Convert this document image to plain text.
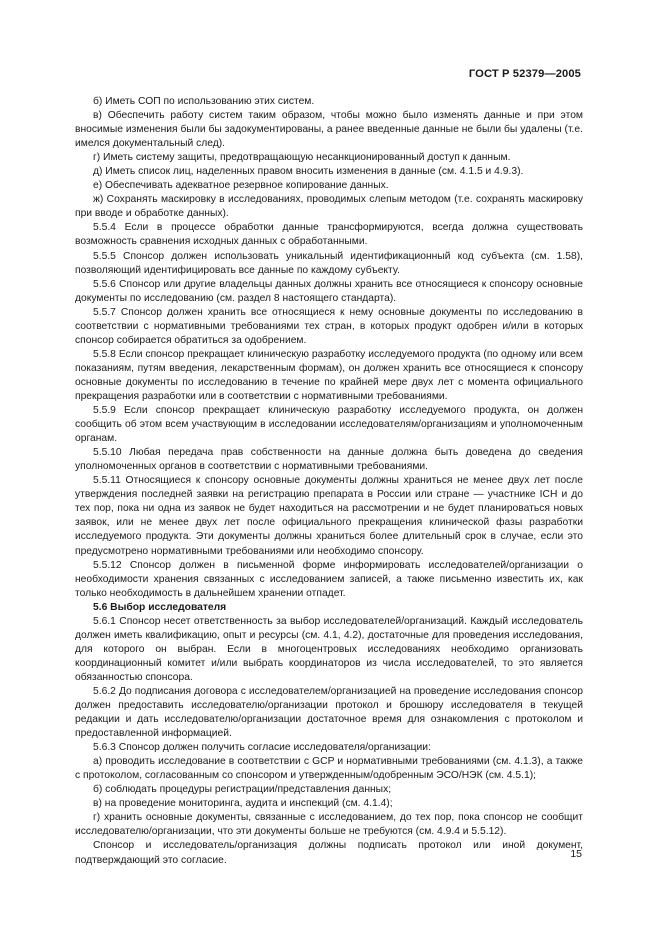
ГОСТ Р 52379—2005

б) Иметь СОП по использованию этих систем.

в) Обеспечить работу систем таким образом, чтобы можно было изменять данные и при этом вносимые изменения были бы задокументированы, а ранее введенные данные не были бы удалены (т.е. имелся документальный след).

г) Иметь систему защиты, предотвращающую несанкционированный доступ к данным.

д) Иметь список лиц, наделенных правом вносить изменения в данные (см. 4.1.5 и 4.9.3).

е) Обеспечивать адекватное резервное копирование данных.

ж) Сохранять маскировку в исследованиях, проводимых слепым методом (т.е. сохранять маскировку при вводе и обработке данных).

5.5.4 Если в процессе обработки данные трансформируются, всегда должна существовать возможность сравнения исходных данных с обработанными.

5.5.5 Спонсор должен использовать уникальный идентификационный код субъекта (см. 1.58), позволяющий идентифицировать все данные по каждому субъекту.

5.5.6 Спонсор или другие владельцы данных должны хранить все относящиеся к спонсору основные документы по исследованию (см. раздел 8 настоящего стандарта).

5.5.7 Спонсор должен хранить все относящиеся к нему основные документы по исследованию в соответствии с нормативными требованиями тех стран, в которых продукт одобрен и/или в которых спонсор собирается обратиться за одобрением.

5.5.8 Если спонсор прекращает клиническую разработку исследуемого продукта (по одному или всем показаниям, путям введения, лекарственным формам), он должен хранить все относящиеся к спонсору основные документы по исследованию в течение по крайней мере двух лет с момента официального прекращения разработки или в соответствии с нормативными требованиями.

5.5.9 Если спонсор прекращает клиническую разработку исследуемого продукта, он должен сообщить об этом всем участвующим в исследовании исследователям/организациям и уполномоченным органам.

5.5.10 Любая передача прав собственности на данные должна быть доведена до сведения уполномоченных органов в соответствии с нормативными требованиями.

5.5.11 Относящиеся к спонсору основные документы должны храниться не менее двух лет после утверждения последней заявки на регистрацию препарата в России или стране — участнике ICH и до тех пор, пока ни одна из заявок не будет находиться на рассмотрении и не будет планироваться новых заявок, или не менее двух лет после официального прекращения клинической фазы разработки исследуемого продукта. Эти документы должны храниться более длительный срок в случае, если это предусмотрено нормативными требованиями или необходимо спонсору.

5.5.12 Спонсор должен в письменной форме информировать исследователей/организации о необходимости хранения связанных с исследованием записей, а также письменно известить их, как только необходимость в дальнейшем хранении отпадет.

5.6 Выбор исследователя

5.6.1 Спонсор несет ответственность за выбор исследователей/организаций. Каждый исследователь должен иметь квалификацию, опыт и ресурсы (см. 4.1, 4.2), достаточные для проведения исследования, для которого он выбран. Если в многоцентровых исследованиях необходимо организовать координационный комитет и/или выбрать координаторов из числа исследователей, то это является обязанностью спонсора.

5.6.2 До подписания договора с исследователем/организацией на проведение исследования спонсор должен предоставить исследователю/организации протокол и брошюру исследователя в текущей редакции и дать исследователю/организации достаточное время для ознакомления с протоколом и предоставленной информацией.

5.6.3 Спонсор должен получить согласие исследователя/организации:

а) проводить исследование в соответствии с GCP и нормативными требованиями (см. 4.1.3), а также с протоколом, согласованным со спонсором и утвержденным/одобренным ЭСО/НЭК (см. 4.5.1);

б) соблюдать процедуры регистрации/представления данных;

в) на проведение мониторинга, аудита и инспекций (см. 4.1.4);

г) хранить основные документы, связанные с исследованием, до тех пор, пока спонсор не сообщит исследователю/организации, что эти документы больше не требуются (см. 4.9.4 и 5.5.12).

Спонсор и исследователь/организация должны подписать протокол или иной документ, подтверждающий это согласие.

15
